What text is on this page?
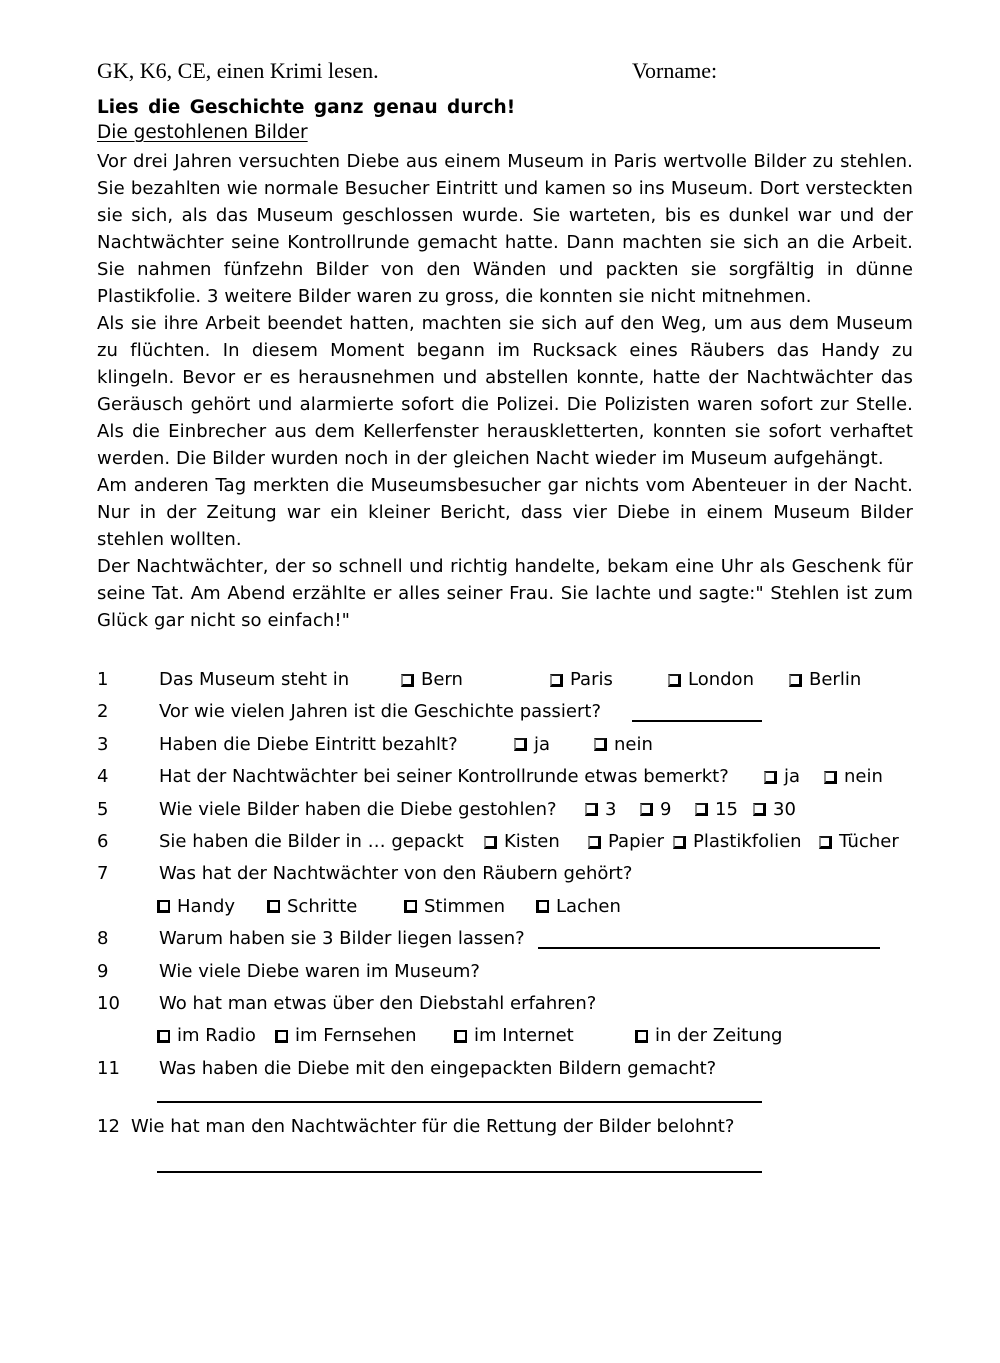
GK, K6, CE, einen Krimi lesen.	Vorname:
Lies die Geschichte ganz genau durch!
Die gestohlenen Bilder

Vor drei Jahren versuchten Diebe aus einem Museum in Paris wertvolle Bilder zu stehlen. Sie bezahlten wie normale Besucher Eintritt und kamen so ins Museum. Dort versteckten sie sich, als das Museum geschlossen wurde. Sie warteten, bis es dunkel war und der Nachtwächter seine Kontrollrunde gemacht hatte. Dann machten sie sich an die Arbeit. Sie nahmen fünfzehn Bilder von den Wänden und packten sie sorgfältig in dünne Plastikfolie. 3 weitere Bilder waren zu gross, die konnten sie nicht mitnehmen.

Als sie ihre Arbeit beendet hatten, machten sie sich auf den Weg, um aus dem Museum zu flüchten. In diesem Moment begann im Rucksack eines Räubers das Handy zu klingeln. Bevor er es herausnehmen und abstellen konnte, hatte der Nachtwächter das Geräusch gehört und alarmierte sofort die Polizei. Die Polizisten waren sofort zur Stelle. Als die Einbrecher aus dem Kellerfenster herauskletterten, konnten sie sofort verhaftet werden. Die Bilder wurden noch in der gleichen Nacht wieder im Museum aufgehängt.

Am anderen Tag merkten die Museumsbesucher gar nichts vom Abenteuer in der Nacht. Nur in der Zeitung war ein kleiner Bericht, dass vier Diebe in einem Museum Bilder stehlen wollten.

Der Nachtwächter, der so schnell und richtig handelte, bekam eine Uhr als Geschenk für seine Tat. Am Abend erzählte er alles seiner Frau. Sie lachte und sagte:" Stehlen ist zum Glück gar nicht so einfach!"

1	Das Museum steht in	Bern	Paris	London	Berlin
2	Vor wie vielen Jahren ist die Geschichte passiert?
3	Haben die Diebe Eintritt bezahlt?	ja	nein
4	Hat der Nachtwächter bei seiner Kontrollrunde etwas bemerkt?	ja nein
5	Wie viele Bilder haben die Diebe gestohlen?	3 9 15 30
6	Sie haben die Bilder in … gepackt Kisten	Papier Plastikfolien Tücher
7	Was hat der Nachtwächter von den Räubern gehört?
Handy	Schritte	Stimmen	Lachen
8	Warum haben sie 3 Bilder liegen lassen?
9	Wie viele Diebe waren im Museum?
10 Wo hat man etwas über den Diebstahl erfahren?
im Radio im Fernsehen	im Internet	in der Zeitung
11 Was haben die Diebe mit den eingepackten Bildern gemacht?
12 Wie hat man den Nachtwächter für die Rettung der Bilder belohnt?
